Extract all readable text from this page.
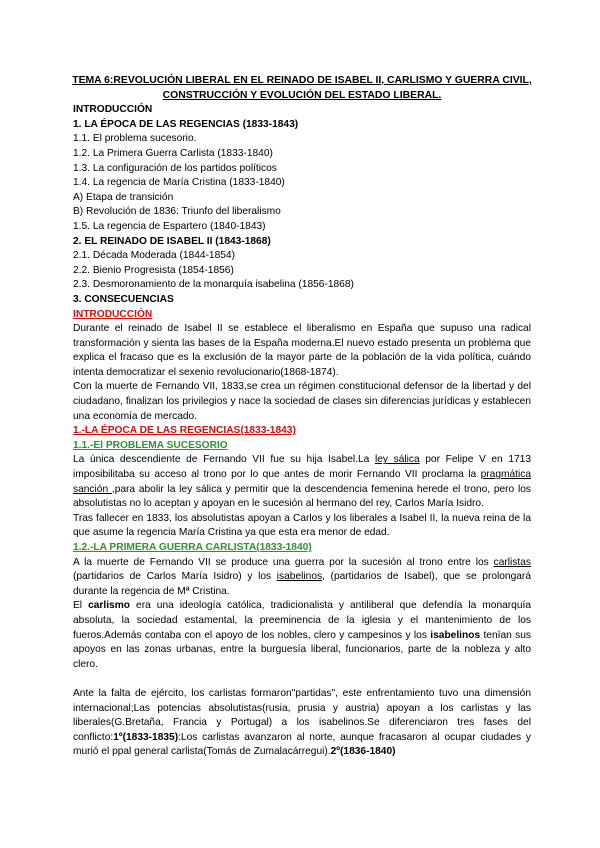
TEMA 6:REVOLUCIÓN LIBERAL EN EL REINADO DE ISABEL II, CARLISMO Y GUERRA CIVIL, CONSTRUCCIÓN Y EVOLUCIÓN DEL ESTADO LIBERAL.
INTRODUCCIÓN
1. LA ÉPOCA DE LAS REGENCIAS (1833-1843)
1.1. El problema sucesorio.
1.2. La Primera Guerra Carlista (1833-1840)
1.3. La configuración de los partidos políticos
1.4. La regencia de María Cristina (1833-1840)
A) Etapa de transición
B) Revolución de 1836: Triunfo del liberalismo
1.5. La regencia de Espartero (1840-1843)
2. EL REINADO DE ISABEL II (1843-1868)
2.1. Década Moderada (1844-1854)
2.2. Bienio Progresista (1854-1856)
2.3. Desmoronamiento de la monarquía isabelina (1856-1868)
3. CONSECUENCIAS
INTRODUCCIÓN
Durante el reinado de Isabel II se establece el liberalismo en España que supuso una radical transformación y sienta las bases de la España moderna.El nuevo estado presenta un problema que explica el fracaso que es la exclusión de la mayor parte de la población de la vida política, cuándo intenta democratizar el sexenio revolucionario(1868-1874).
Con la muerte de Fernando VII, 1833,se crea un régimen constitucional defensor de la libertad y del ciudadano, finalizan los privilegios y nace la sociedad de clases sin diferencias jurídicas y establecen una economía de mercado.
1.-LA ÉPOCA DE LAS REGENCIAS(1833-1843)
1.1.-El PROBLEMA SUCESORIO
La única descendiente de Fernando VII fue su hija Isabel.La ley sálica por Felipe V en 1713 imposibilitaba su acceso al trono por lo que antes de morir Fernando VII proclama la pragmática sanción ,para abolir la ley sálica y permitir que la descendencia femenina herede el trono, pero los absolutistas no lo aceptan y apoyan en le sucesión al hermano del rey, Carlos María Isidro.
Tras fallecer en 1833, los absolutistas apoyan a Carlos y los liberales a Isabel II, la nueva reina de la que asume la regencia María Cristina ya que esta era menor de edad.
1.2.-LA PRIMERA GUERRA CARLISTA(1833-1840)
A la muerte de Fernando VII se produce una guerra por la sucesión al trono entre los carlistas (partidarios de Carlos María Isidro) y los isabelinos, (partidarios de Isabel), que se prolongará durante la regencia de Mª Cristina.
El carlismo era una ideología católica, tradicionalista y antiliberal que defendía la monarquía absoluta, la sociedad estamental, la preeminencia de la iglesia y el mantenimiento de los fueros.Además contaba con el apoyo de los nobles, clero y campesinos y los isabelinos tenían sus apoyos en las zonas urbanas, entre la burguesía liberal, funcionarios, parte de la nobleza y alto clero.
Ante la falta de ejército, los carlistas formaron"partidas", este enfrentamiento tuvo una dimensión internacional;Las potencias absolutistas(rusia, prusia y austria) apoyan a los carlistas y las liberales(G.Bretaña, Francia y Portugal) a los isabelinos.Se diferenciaron tres fases del conflicto:1º(1833-1835):Los carlistas avanzaron al norte, aunque fracasaron al ocupar ciudades y murió el ppal general carlista(Tomás de Zumalacárregui).2º(1836-1840)
